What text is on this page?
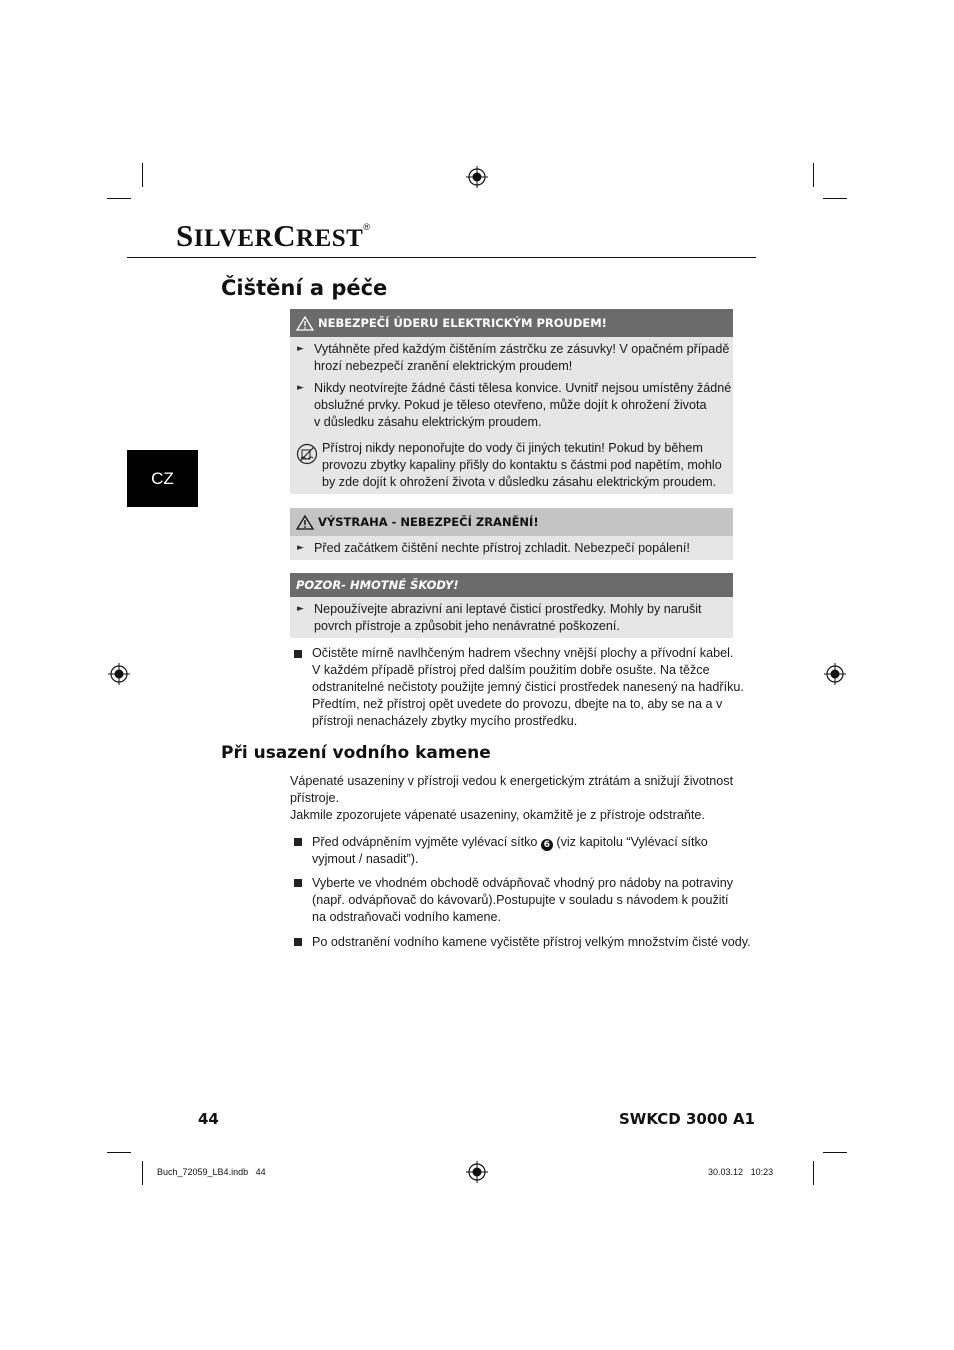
SILVERCREST®
CZ
Čištění a péče
NEBEZPEČÍ ÚDERU ELEKTRICKÝM PROUDEM!
► Vytáhněte před každým čištěním zástrčku ze zásuvky! V opačném případě
hrozí nebezpečí zranění elektrickým proudem!
► Nikdy neotvírejte žádné části tělesa konvice. Uvnitř nejsou umístěny žádné
obslužné prvky. Pokud je těleso otevřeno, může dojít k ohrožení života
v důsledku zásahu elektrickým proudem.
Přístroj nikdy neponořujte do vody či jiných tekutin! Pokud by během
provozu zbytky kapaliny přišly do kontaktu s částmi pod napětím, mohlo
by zde dojít k ohrožení života v důsledku zásahu elektrickým proudem.
VÝSTRAHA - NEBEZPEČÍ ZRANĚNÍ!
► Před začátkem čištění nechte přístroj zchladit. Nebezpečí popálení!
POZOR- HMOTNÉ ŠKODY!
► Nepoužívejte abrazivní ani leptavé čisticí prostředky. Mohly by narušit
povrch přístroje a způsobit jeho nenávratné poškození.
Očistěte mírně navlhčeným hadrem všechny vnější plochy a přívodní kabel.
V každém případě přístroj před dalším použitím dobře osušte. Na těžce
odstranitelné nečistoty použijte jemný čisticí prostředek nanesený na hadříku.
Předtím, než přístroj opět uvedete do provozu, dbejte na to, aby se na a v
přístroji nenacházely zbytky mycího prostředku.
Při usazení vodního kamene
Vápenaté usazeniny v přístroji vedou k energetickým ztrátám a snižují životnost
přístroje.
Jakmile zpozorujete vápenaté usazeniny, okamžitě je z přístroje odstraňte.
Před odvápněním vyjměte vylévací sítko 6 (viz kapitolu “Vylévací sítko
vyjmout / nasadit”).
Vyberte ve vhodném obchodě odvápňovač vhodný pro nádoby na potraviny
(např. odvápňovač do kávovarů).Postupujte v souladu s návodem k použití
na odstraňovači vodního kamene.
Po odstranění vodního kamene vyčistěte přístroj velkým množstvím čisté vody.
44	SWKCD 3000 A1
Buch_72059_LB4.indb 44	30.03.12 10:23
